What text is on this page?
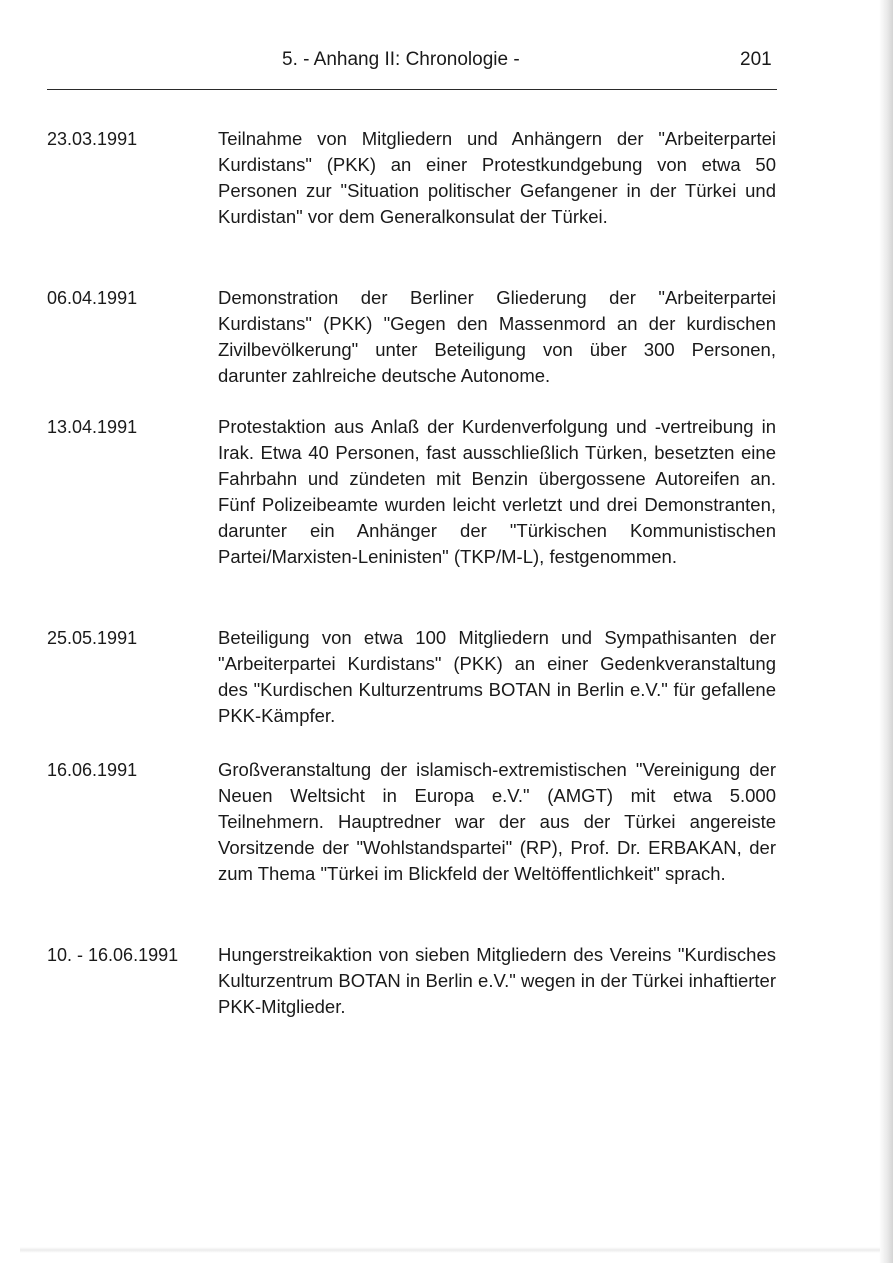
5. - Anhang II: Chronologie -	201
23.03.1991	Teilnahme von Mitgliedern und Anhängern der "Arbeiterpartei Kurdistans" (PKK) an einer Protestkundgebung von etwa 50 Personen zur "Situation politischer Gefangener in der Türkei und Kurdistan" vor dem Generalkonsulat der Türkei.

06.04.1991	Demonstration der Berliner Gliederung der "Arbeiterpartei Kurdistans" (PKK) "Gegen den Massenmord an der kurdischen Zivilbevölkerung" unter Beteiligung von über 300 Personen, darunter zahlreiche deutsche Autonome.

13.04.1991	Protestaktion aus Anlaß der Kurdenverfolgung und -vertreibung in Irak. Etwa 40 Personen, fast ausschließlich Türken, besetzten eine Fahrbahn und zündeten mit Benzin übergossene Autoreifen an. Fünf Polizeibeamte wurden leicht verletzt und drei Demonstranten, darunter ein Anhänger der "Türkischen Kommunistischen Partei/Marxisten-Leninisten" (TKP/M-L), festgenommen.

25.05.1991	Beteiligung von etwa 100 Mitgliedern und Sympathisanten der "Arbeiterpartei Kurdistans" (PKK) an einer Gedenkveranstaltung des "Kurdischen Kulturzentrums BOTAN in Berlin e.V." für gefallene PKK-Kämpfer.

16.06.1991	Großveranstaltung der islamisch-extremistischen "Vereinigung der Neuen Weltsicht in Europa e.V." (AMGT) mit etwa 5.000 Teilnehmern. Hauptredner war der aus der Türkei angereiste Vorsitzende der "Wohlstandspartei" (RP), Prof. Dr. ERBAKAN, der zum Thema "Türkei im Blickfeld der Weltöffentlichkeit" sprach.

10. - 16.06.1991 Hungerstreikaktion von sieben Mitgliedern des Vereins "Kurdisches Kulturzentrum BOTAN in Berlin e.V." wegen in der Türkei inhaftierter PKK-Mitglieder.
